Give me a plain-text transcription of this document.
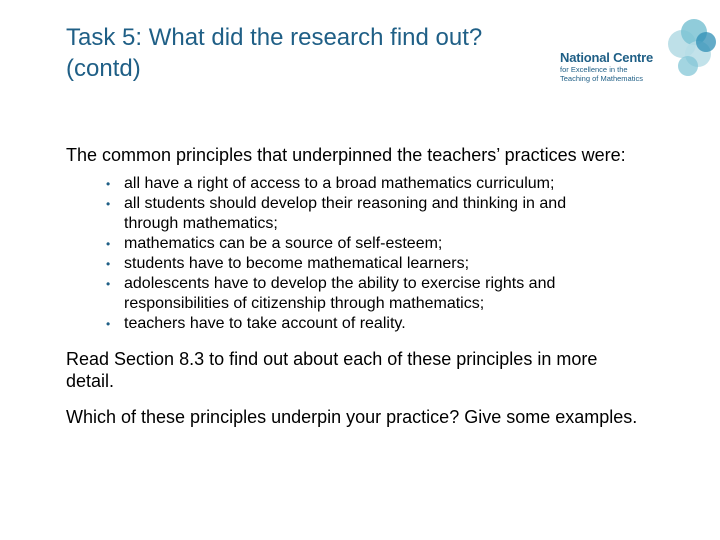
Task 5: What did the research find out? (contd)	National Centre
for Excellence in the
Teaching of Mathematics

The common principles that underpinned the teachers’ practices were:

• all have a right of access to a broad mathematics curriculum;
• all students should develop their reasoning and thinking in and through mathematics;
• mathematics can be a source of self-esteem;
• students have to become mathematical learners;
• adolescents have to develop the ability to exercise rights and responsibilities of citizenship through mathematics;
• teachers have to take account of reality.

Read Section 8.3 to find out about each of these principles in more detail.

Which of these principles underpin your practice? Give some examples.
